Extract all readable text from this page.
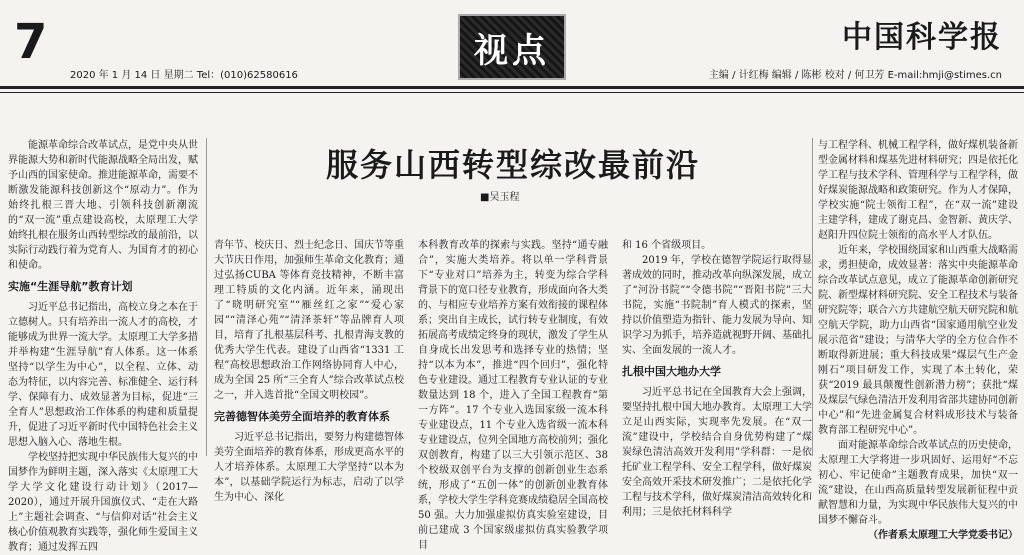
7
2020 年 1 月 14 日 星期二 Tel：(010)62580616
视点	中国科学报
主编 / 计红梅 编辑 / 陈彬 校对 / 何卫芳 E-mail:hmji@stimes.cn
服务山西转型综改最前沿
■吴玉程

能源革命综合改革试点，是党中央从世界能源大势和新时代能源战略全局出发，赋予山西的国家使命。推进能源革命，需要不断激发能源科技创新这个“原动力”。作为始终扎根三晋大地、引领科技创新潮流的“双一流”重点建设高校，太原理工大学始终扎根在服务山西转型综改的最前沿，以实际行动践行着为党育人、为国育才的初心和使命。

实施“生涯导航”教育计划

习近平总书记指出，高校立身之本在于立德树人。只有培养出一流人才的高校，才能够成为世界一流大学。太原理工大学多措并举构建“生涯导航”育人体系。这一体系坚持“以学生为中心”，以全程、立体、动态为特征，以内容完善、标准健全、运行科学、保障有力、成效显著为目标，促进“三全育人”思想政治工作体系的构建和质量提升，促进了习近平新时代中国特色社会主义思想入脑入心、落地生根。

学校坚持把实现中华民族伟大复兴的中国梦作为鲜明主题，深入落实《太原理工大学大学文化建设行动计划》（2017—2020），通过开展升国旗仪式、“走在大路上”主题社会调查、“与信仰对话”社会主义核心价值观教育实践等，强化师生爱国主义教育；通过发挥五四

青年节、校庆日、烈士纪念日、国庆节等重大节庆日作用，加强师生革命文化教育；通过弘扬CUBA 等体育竞技精神，不断丰富理工特质的文化内涵。近年来，涌现出了“晓明研究室”“雁丝红之家”“爱心家园”“清泽心苑”“清泽茶轩”等品牌育人项目，培育了扎根基层科考、扎根青海支教的优秀大学生代表。建设了山西省“1331 工程”高校思想政治工作网络协同育人中心，成为全国 25 所“三全育人”综合改革试点校之一，并入选首批“全国文明校园”。

完善德智体美劳全面培养的教育体系

习近平总书记指出，要努力构建德智体美劳全面培养的教育体系，形成更高水平的人才培养体系。太原理工大学坚持“以本为本”，以基础学院运行为标志，启动了以学生为中心、深化

本科教育改革的探索与实践。坚持“通专融合”，实施大类培养。将以单一学科背景下“专业对口”培养为主，转变为综合学科背景下的宽口径专业教育，形成面向各大类的、与相应专业培养方案有效衔接的课程体系；突出自主成长，试行转专业制度，有效拓展高考成绩定终身的现状，激发了学生从自身成长出发思考和选择专业的热情；坚持“以本为本”，推进“四个回归”，强化特色专业建设。通过工程教育专业认证的专业数量达到 18 个，进入了全国工程教育“第一方阵”。17 个专业入选国家级一流本科专业建设点，11 个专业入选省级一流本科专业建设点，位列全国地方高校前列；强化双创教育，构建了以三大引领示范区、38 个校级双创平台为支撑的创新创业生态系统，形成了“五创一体”的创新创业教育体系，学校大学生学科竞赛成绩稳居全国高校 50 强。大力加强虚拟仿真实验室建设，目前已建成 3 个国家级虚拟仿真实验教学项目

和 16 个省级项目。

2019 年，学校在德智学院运行取得显著成效的同时，推动改革向纵深发展，成立了“河汾书院”“令德书院”“晋阳书院”三大书院，实施“书院制”育人模式的探索，坚持以价值塑造为指针、能力发展为导向、知识学习为抓手，培养造就视野开阔、基础扎实、全面发展的一流人才。

扎根中国大地办大学

习近平总书记在全国教育大会上强调，要坚持扎根中国大地办教育。太原理工大学立足山西实际，实现率先发展。在“双一流”建设中，学校结合自身优势构建了“煤炭绿色清洁高效开发利用”学科群：一是依托矿业工程学科、安全工程学科，做好煤炭安全高效开采技术研发推广；二是依托化学工程与技术学科，做好煤炭清洁高效转化和利用；三是依托材料科学

与工程学科、机械工程学科，做好煤机装备新型金属材料和煤基先进材料研究；四是依托化学工程与技术学科、管理科学与工程学科，做好煤炭能源战略和政策研究。作为人才保障，学校实施“院士领衔工程”，在“双一流”建设主建学科，建成了谢克昌、金智新、黄庆学、赵阳升四位院士领衔的高水平人才队伍。

近年来，学校围绕国家和山西重大战略需求，勇担使命，成效显著：落实中央能源革命综合改革试点意见，成立了能源革命创新研究院、新型煤材料研究院、安全工程技术与装备研究院等；联合六方共建航空航天研究院和航空航天学院，助力山西省“国家通用航空业发展示范省”建设；与清华大学的全方位合作不断取得新进展；重大科技成果“煤层气生产金刚石”项目研发工作，实现了本土转化，荣获“2019 最具颠覆性创新潜力榜”；获批“煤及煤层气绿色清洁开发利用省部共建协同创新中心”和“先进金属复合材料成形技术与装备教育部工程研究中心”。

面对能源革命综合改革试点的历史使命，太原理工大学将进一步巩固好、运用好“不忘初心、牢记使命”主题教育成果，加快“双一流”建设，在山西高质量转型发展新征程中贡献智慧和力量，为实现中华民族伟大复兴的中国梦不懈奋斗。

（作者系太原理工大学党委书记）
